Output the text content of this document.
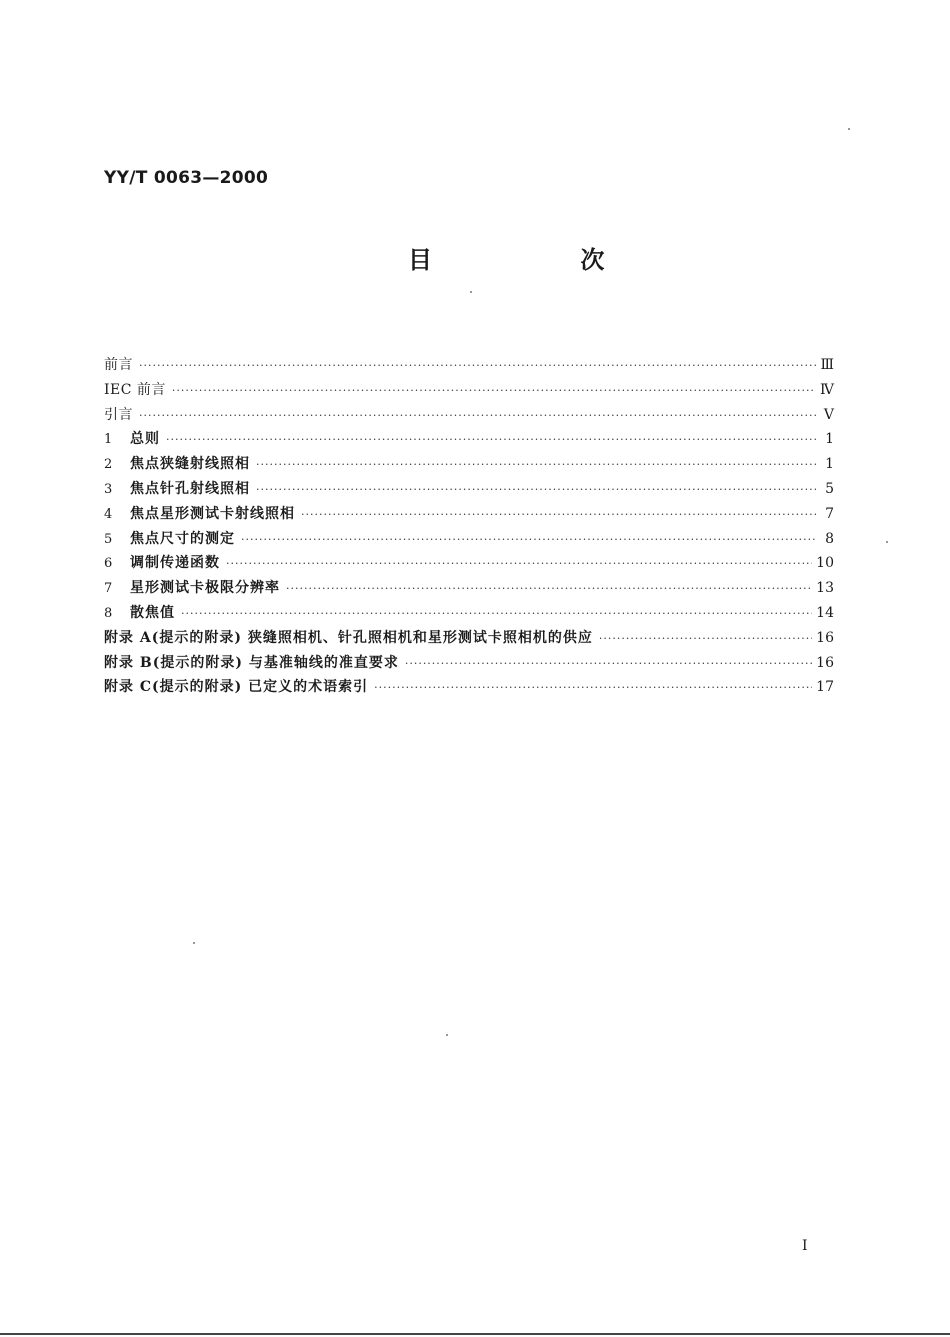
YY/T 0063—2000
目 次
前言 ·····	Ⅲ
IEC 前言 ·····	Ⅳ
引言 ·····	Ⅴ
1	总则 ·····	1
2	焦点狭缝射线照相 ·····	1
3	焦点针孔射线照相 ·····	5
4	焦点星形测试卡射线照相 ·····	7
5	焦点尺寸的测定 ·····	8
6	调制传递函数 ·····	10
7	星形测试卡极限分辨率 ·····	13
8	散焦值 ·····	14
附录 A(提示的附录) 狭缝照相机、针孔照相机和星形测试卡照相机的供应 ·····	16
附录 B(提示的附录) 与基准轴线的准直要求 ·····	16
附录 C(提示的附录) 已定义的术语索引 ·····	17
I
